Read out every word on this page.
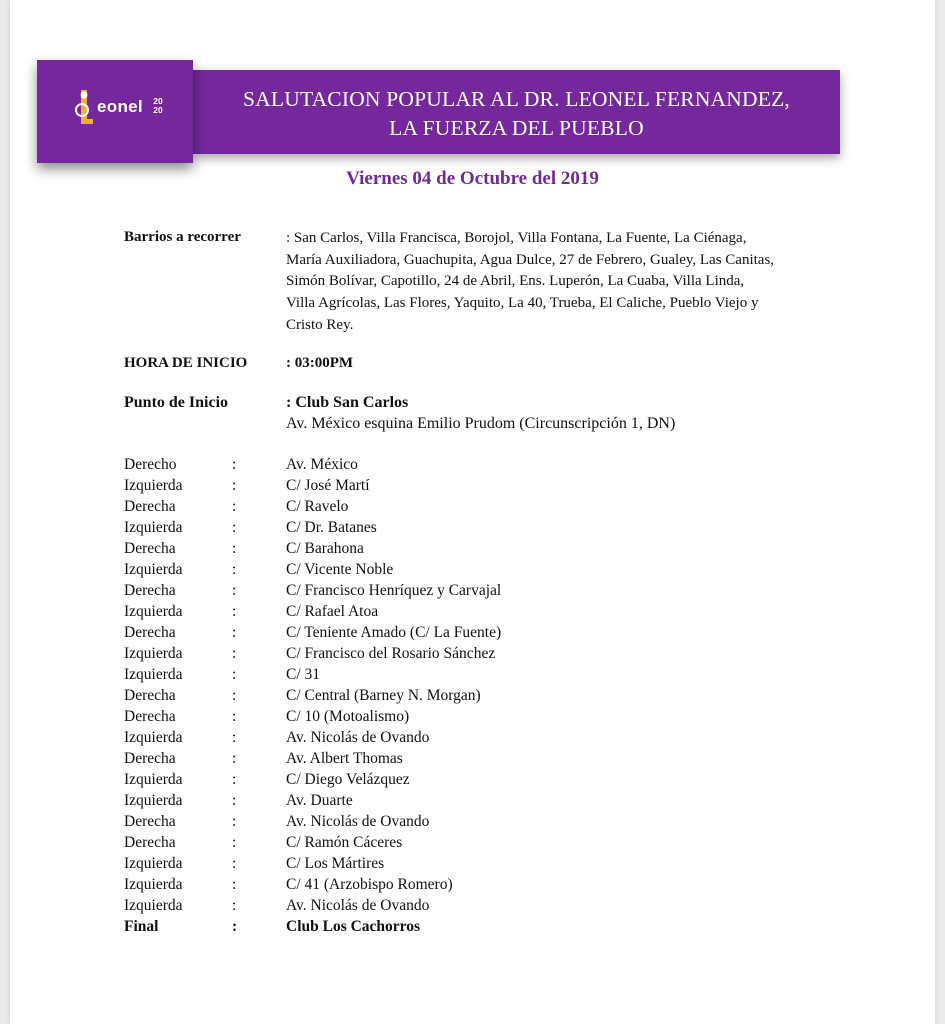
SALUTACION POPULAR AL DR. LEONEL FERNANDEZ,
LA FUERZA DEL PUEBLO
eonel 20
20
Viernes 04 de Octubre del 2019
Barrios a recorrer	: San Carlos, Villa Francisca, Borojol, Villa Fontana, La Fuente, La Ciénaga,
María Auxiliadora, Guachupita, Agua Dulce, 27 de Febrero, Gualey, Las Canitas,
Simón Bolívar, Capotillo, 24 de Abril, Ens. Luperón, La Cuaba, Villa Linda,
Villa Agrícolas, Las Flores, Yaquito, La 40, Trueba, El Caliche, Pueblo Viejo y
Cristo Rey.
HORA DE INICIO	: 03:00PM
Punto de Inicio	: Club San Carlos
Av. México esquina Emilio Prudom (Circunscripción 1, DN)
Derecho	:	Av. México
Izquierda	:	C/ José Martí
Derecha	:	C/ Ravelo
Izquierda	:	C/ Dr. Batanes
Derecha	:	C/ Barahona
Izquierda	:	C/ Vicente Noble
Derecha	:	C/ Francisco Henríquez y Carvajal
Izquierda	:	C/ Rafael Atoa
Derecha	:	C/ Teniente Amado (C/ La Fuente)
Izquierda	:	C/ Francisco del Rosario Sánchez
Izquierda	:	C/ 31
Derecha	:	C/ Central (Barney N. Morgan)
Derecha	:	C/ 10 (Motoalismo)
Izquierda	:	Av. Nicolás de Ovando
Derecha	:	Av. Albert Thomas
Izquierda	:	C/ Diego Velázquez
Izquierda	:	Av. Duarte
Derecha	:	Av. Nicolás de Ovando
Derecha	:	C/ Ramón Cáceres
Izquierda	:	C/ Los Mártires
Izquierda	:	C/ 41 (Arzobispo Romero)
Izquierda	:	Av. Nicolás de Ovando
Final	:	Club Los Cachorros
